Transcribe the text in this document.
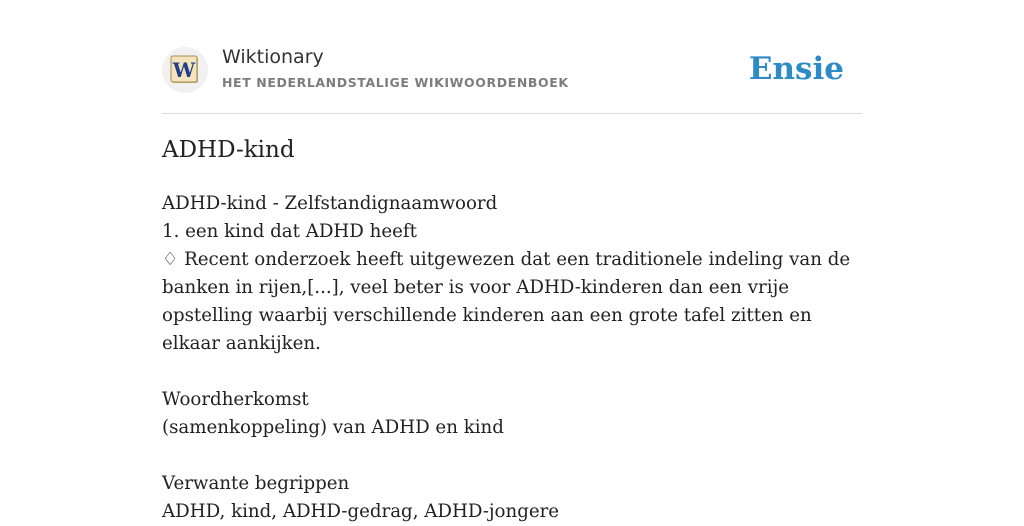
W
Wiktionary
HET NEDERLANDSTALIGE WIKIWOORDENBOEK	Ensie
ADHD-kind

ADHD-kind - Zelfstandignaamwoord

1. een kind dat ADHD heeft

♢ Recent onderzoek heeft uitgewezen dat een traditionele indeling van de banken in rijen,[...], veel beter is voor ADHD-kinderen dan een vrije opstelling waarbij verschillende kinderen aan een grote tafel zitten en elkaar aankijken.

Woordherkomst

(samenkoppeling) van ADHD en kind

Verwante begrippen

ADHD, kind, ADHD-gedrag, ADHD-jongere
